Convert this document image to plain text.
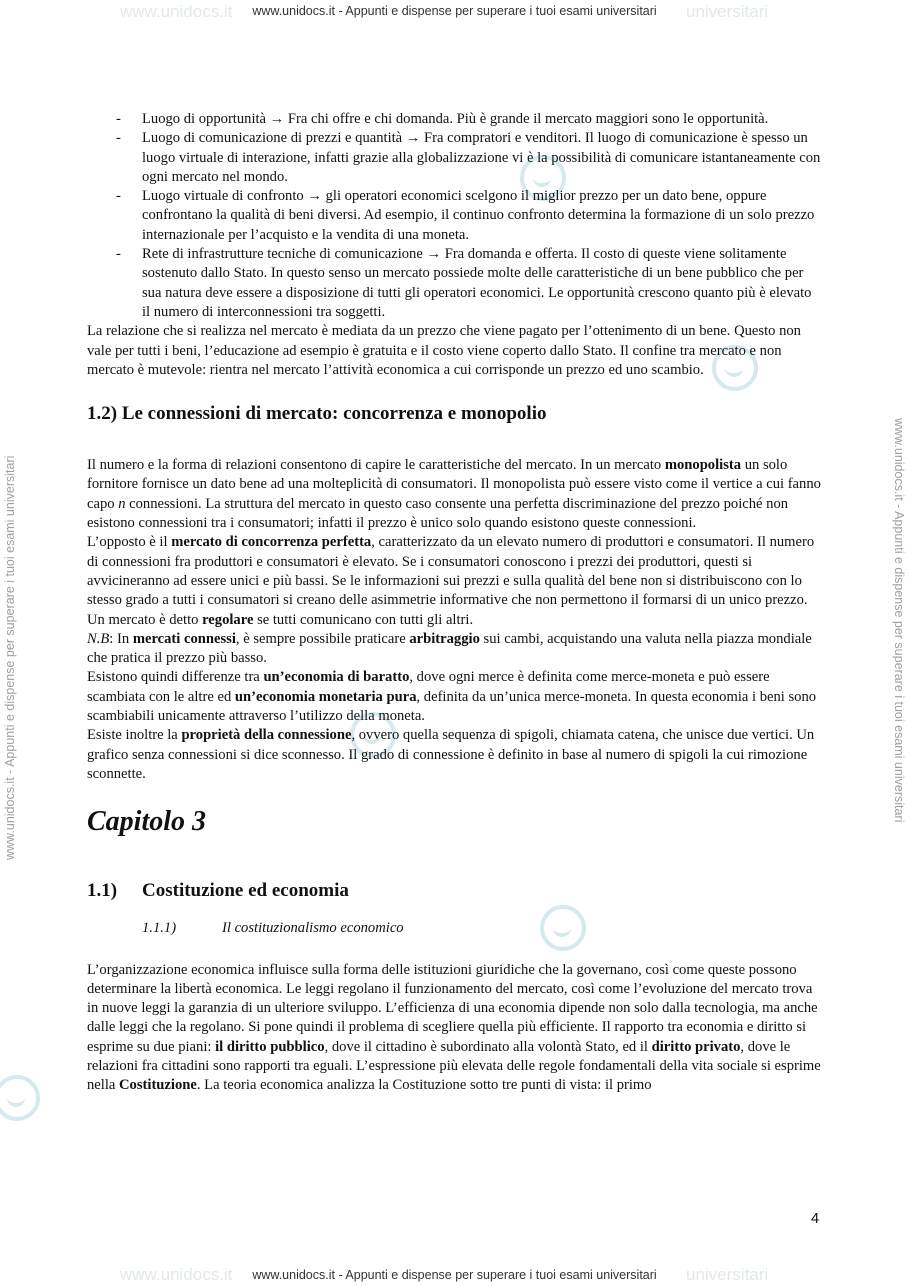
www.unidocs.it - Appunti e dispense per superare i tuoi esami universitari
www.unidocs.it	universitari
www.unidocs.it - Appunti e dispense per superare i tuoi esami universitari
www.unidocs.it	universitari
www.unidocs.it - Appunti e dispense per superare i tuoi esami universitari	www.unidocs.it - Appunti e dispense per superare i tuoi esami universitari
- Luogo di opportunità → Fra chi offre e chi domanda. Più è grande il mercato maggiori sono le opportunità.
- Luogo di comunicazione di prezzi e quantità → Fra compratori e venditori. Il luogo di comunicazione è spesso un luogo virtuale di interazione, infatti grazie alla globalizzazione vi è la possibilità di comunicare istantaneamente con ogni mercato nel mondo.
- Luogo virtuale di confronto → gli operatori economici scelgono il miglior prezzo per un dato bene, oppure confrontano la qualità di beni diversi. Ad esempio, il continuo confronto determina la formazione di un solo prezzo internazionale per l’acquisto e la vendita di una moneta.
- Rete di infrastrutture tecniche di comunicazione → Fra domanda e offerta. Il costo di queste viene solitamente sostenuto dallo Stato. In questo senso un mercato possiede molte delle caratteristiche di un bene pubblico che per sua natura deve essere a disposizione di tutti gli operatori economici. Le opportunità crescono quanto più è elevato il numero di interconnessioni tra soggetti.

La relazione che si realizza nel mercato è mediata da un prezzo che viene pagato per l’ottenimento di un bene. Questo non vale per tutti i beni, l’educazione ad esempio è gratuita e il costo viene coperto dallo Stato. Il confine tra mercato e non mercato è mutevole: rientra nel mercato l’attività economica a cui corrisponde un prezzo ed uno scambio.

1.2) Le connessioni di mercato: concorrenza e monopolio

Il numero e la forma di relazioni consentono di capire le caratteristiche del mercato. In un mercato monopolista un solo fornitore fornisce un dato bene ad una molteplicità di consumatori. Il monopolista può essere visto come il vertice a cui fanno capo n connessioni. La struttura del mercato in questo caso consente una perfetta discriminazione del prezzo poiché non esistono connessioni tra i consumatori; infatti il prezzo è unico solo quando esistono queste connessioni.

L’opposto è il mercato di concorrenza perfetta, caratterizzato da un elevato numero di produttori e consumatori. Il numero di connessioni fra produttori e consumatori è elevato. Se i consumatori conoscono i prezzi dei produttori, questi si avvicineranno ad essere unici e più bassi. Se le informazioni sui prezzi e sulla qualità del bene non si distribuiscono con lo stesso grado a tutti i consumatori si creano delle asimmetrie informative che non permettono il formarsi di un unico prezzo. Un mercato è detto regolare se tutti comunicano con tutti gli altri.

N.B: In mercati connessi, è sempre possibile praticare arbitraggio sui cambi, acquistando una valuta nella piazza mondiale che pratica il prezzo più basso.

Esistono quindi differenze tra un’economia di baratto, dove ogni merce è definita come merce-moneta e può essere scambiata con le altre ed un’economia monetaria pura, definita da un’unica merce-moneta. In questa economia i beni sono scambiabili unicamente attraverso l’utilizzo della moneta.

Esiste inoltre la proprietà della connessione, ovvero quella sequenza di spigoli, chiamata catena, che unisce due vertici. Un grafico senza connessioni si dice sconnesso. Il grado di connessione è definito in base al numero di spigoli la cui rimozione sconnette.

Capitolo 3
1.1)	Costituzione ed economia
1.1.1)	Il costituzionalismo economico

L’organizzazione economica influisce sulla forma delle istituzioni giuridiche che la governano, così come queste possono determinare la libertà economica. Le leggi regolano il funzionamento del mercato, così come l’evoluzione del mercato trova in nuove leggi la garanzia di un ulteriore sviluppo. L’efficienza di una economia dipende non solo dalla tecnologia, ma anche dalle leggi che la regolano. Si pone quindi il problema di scegliere quella più efficiente. Il rapporto tra economia e diritto si esprime su due piani: il diritto pubblico, dove il cittadino è subordinato alla volontà Stato, ed il diritto privato, dove le relazioni fra cittadini sono rapporti tra eguali. L’espressione più elevata delle regole fondamentali della vita sociale si esprime nella Costituzione. La teoria economica analizza la Costituzione sotto tre punti di vista: il primo

4
